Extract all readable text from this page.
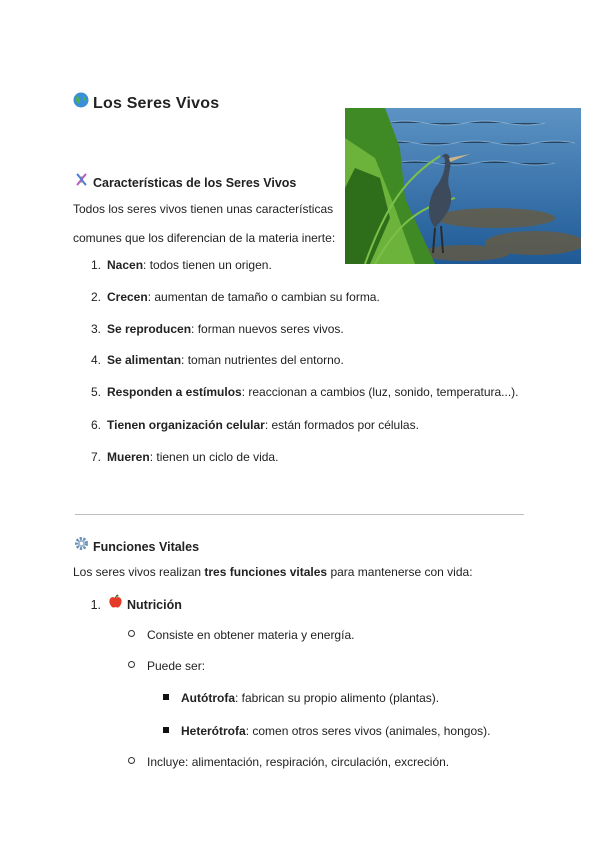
Los Seres Vivos
Características de los Seres Vivos
Todos los seres vivos tienen unas características
comunes que los diferencian de la materia inerte:
1. Nacen: todos tienen un origen.
2. Crecen: aumentan de tamaño o cambian su forma.
3. Se reproducen: forman nuevos seres vivos.
4. Se alimentan: toman nutrientes del entorno.
5. Responden a estímulos: reaccionan a cambios (luz, sonido, temperatura...).
6. Tienen organización celular: están formados por células.
7. Mueren: tienen un ciclo de vida.
Funciones Vitales
Los seres vivos realizan tres funciones vitales para mantenerse con vida:
1. Nutrición
Consiste en obtener materia y energía.
Puede ser:
Autótrofa: fabrican su propio alimento (plantas).
Heterótrofa: comen otros seres vivos (animales, hongos).
Incluye: alimentación, respiración, circulación, excreción.
